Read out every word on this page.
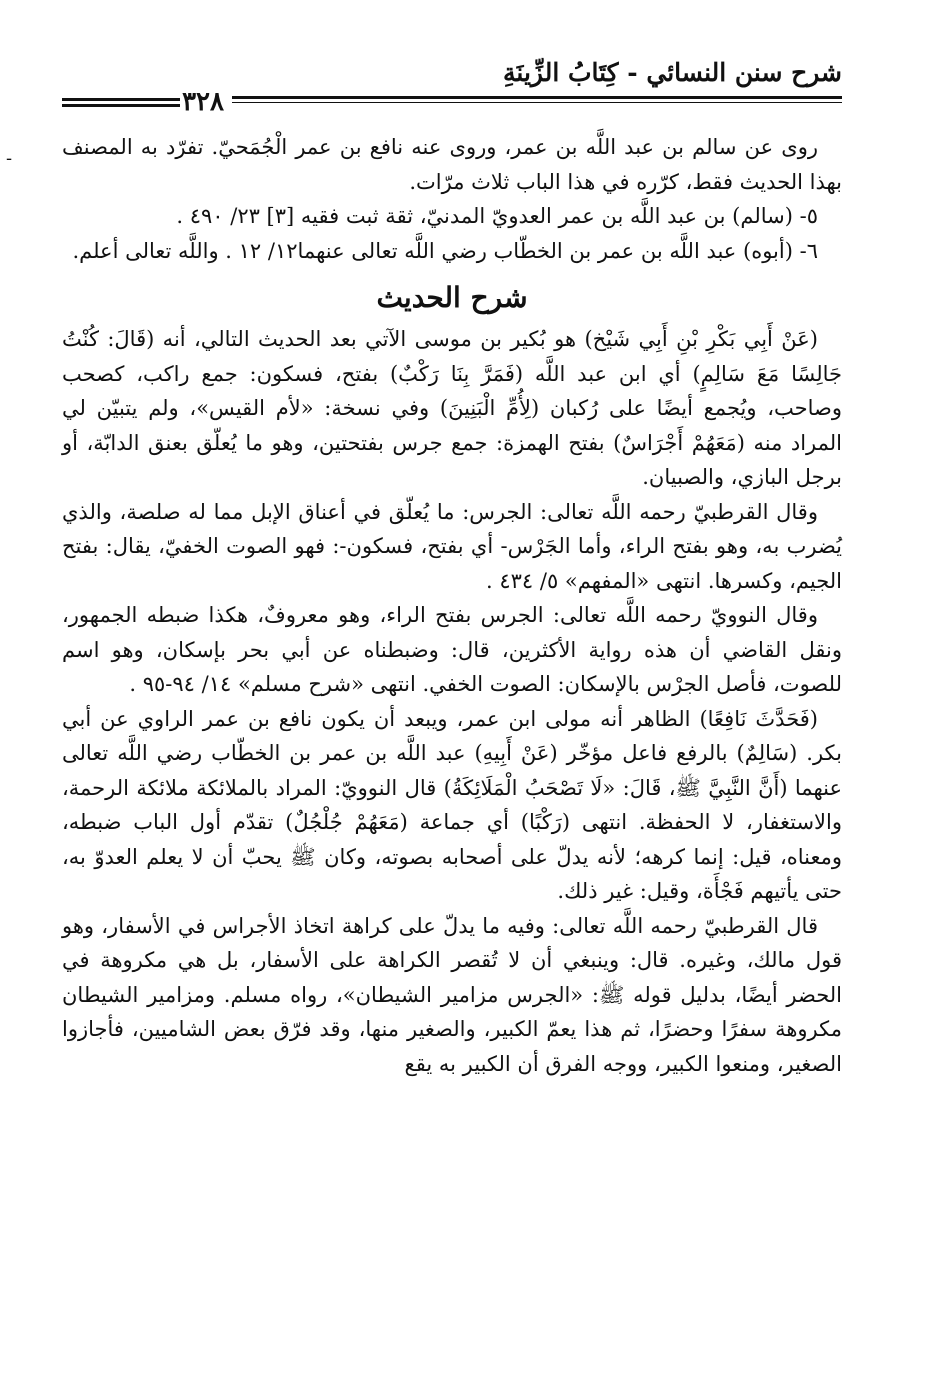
شرح سنن النسائي - كِتَابُ الزِّينَةِ
٣٢٨

روى عن سالم بن عبد اللَّه بن عمر، وروى عنه نافع بن عمر الْجُمَحيّ. تفرّد به المصنف بهذا الحديث فقط، كرّره في هذا الباب ثلاث مرّات.

٥- (سالم) بن عبد اللَّه بن عمر العدويّ المدنيّ، ثقة ثبت فقيه [٣] ٢٣/ ٤٩٠ .

٦- (أبوه) عبد اللَّه بن عمر بن الخطّاب رضي اللَّه تعالى عنهما١٢/ ١٢ . واللَّه تعالى أعلم.

شرح الحديث

(عَنْ أَبِي بَكْرِ بْنِ أَبِي شَيْخ) هو بُكير بن موسى الآتي بعد الحديث التالي، أنه (قَالَ: كُنْتُ جَالِسًا مَعَ سَالِمٍ) أي ابن عبد اللَّه (فَمَرَّ بِنَا رَكْبٌ) بفتح، فسكون: جمع راكب، كصحب وصاحب، ويُجمع أيضًا على رُكبان (لِأُمِّ الْبَنِينَ) وفي نسخة: «لأم القيس»، ولم يتبيّن لي المراد منه (مَعَهُمْ أَجْرَاسٌ) بفتح الهمزة: جمع جرس بفتحتين، وهو ما يُعلّق بعنق الدابّة، أو برجل البازي، والصبيان.

وقال القرطبيّ رحمه اللَّه تعالى: الجرس: ما يُعلّق في أعناق الإبل مما له صلصة، والذي يُضرب به، وهو بفتح الراء، وأما الجَرْس- أي بفتح، فسكون-: فهو الصوت الخفيّ، يقال: بفتح الجيم، وكسرها. انتهى «المفهم» ٥/ ٤٣٤ .

وقال النوويّ رحمه اللَّه تعالى: الجرس بفتح الراء، وهو معروفٌ، هكذا ضبطه الجمهور، ونقل القاضي أن هذه رواية الأكثرين، قال: وضبطناه عن أبي بحر بإسكان، وهو اسم للصوت، فأصل الجرْس بالإسكان: الصوت الخفي. انتهى «شرح مسلم» ١٤/ ٩٤-٩٥ .

(فَحَدَّثَ نَافِعًا) الظاهر أنه مولى ابن عمر، ويبعد أن يكون نافع بن عمر الراوي عن أبي بكر. (سَالِمٌ) بالرفع فاعل مؤخّر (عَنْ أَبِيهِ) عبد اللَّه بن عمر بن الخطّاب رضي اللَّه تعالى عنهما (أَنَّ النَّبِيَّ ﷺ، قَالَ: «لَا تَصْحَبُ الْمَلَائِكَةُ) قال النوويّ: المراد بالملائكة ملائكة الرحمة، والاستغفار، لا الحفظة. انتهى (رَكْبًا) أي جماعة (مَعَهُمْ جُلْجُلٌ) تقدّم أول الباب ضبطه، ومعناه، قيل: إنما كرهه؛ لأنه يدلّ على أصحابه بصوته، وكان ﷺ يحبّ أن لا يعلم العدوّ به، حتى يأتيهم فَجْأَة، وقيل: غير ذلك.

قال القرطبيّ رحمه اللَّه تعالى: وفيه ما يدلّ على كراهة اتخاذ الأجراس في الأسفار، وهو قول مالك، وغيره. قال: وينبغي أن لا تُقصر الكراهة على الأسفار، بل هي مكروهة في الحضر أيضًا، بدليل قوله ﷺ: «الجرس مزامير الشيطان»، رواه مسلم. ومزامير الشيطان مكروهة سفرًا وحضرًا، ثم هذا يعمّ الكبير، والصغير منها، وقد فرّق بعض الشاميين، فأجازوا الصغير، ومنعوا الكبير، ووجه الفرق أن الكبير به يقع

-
